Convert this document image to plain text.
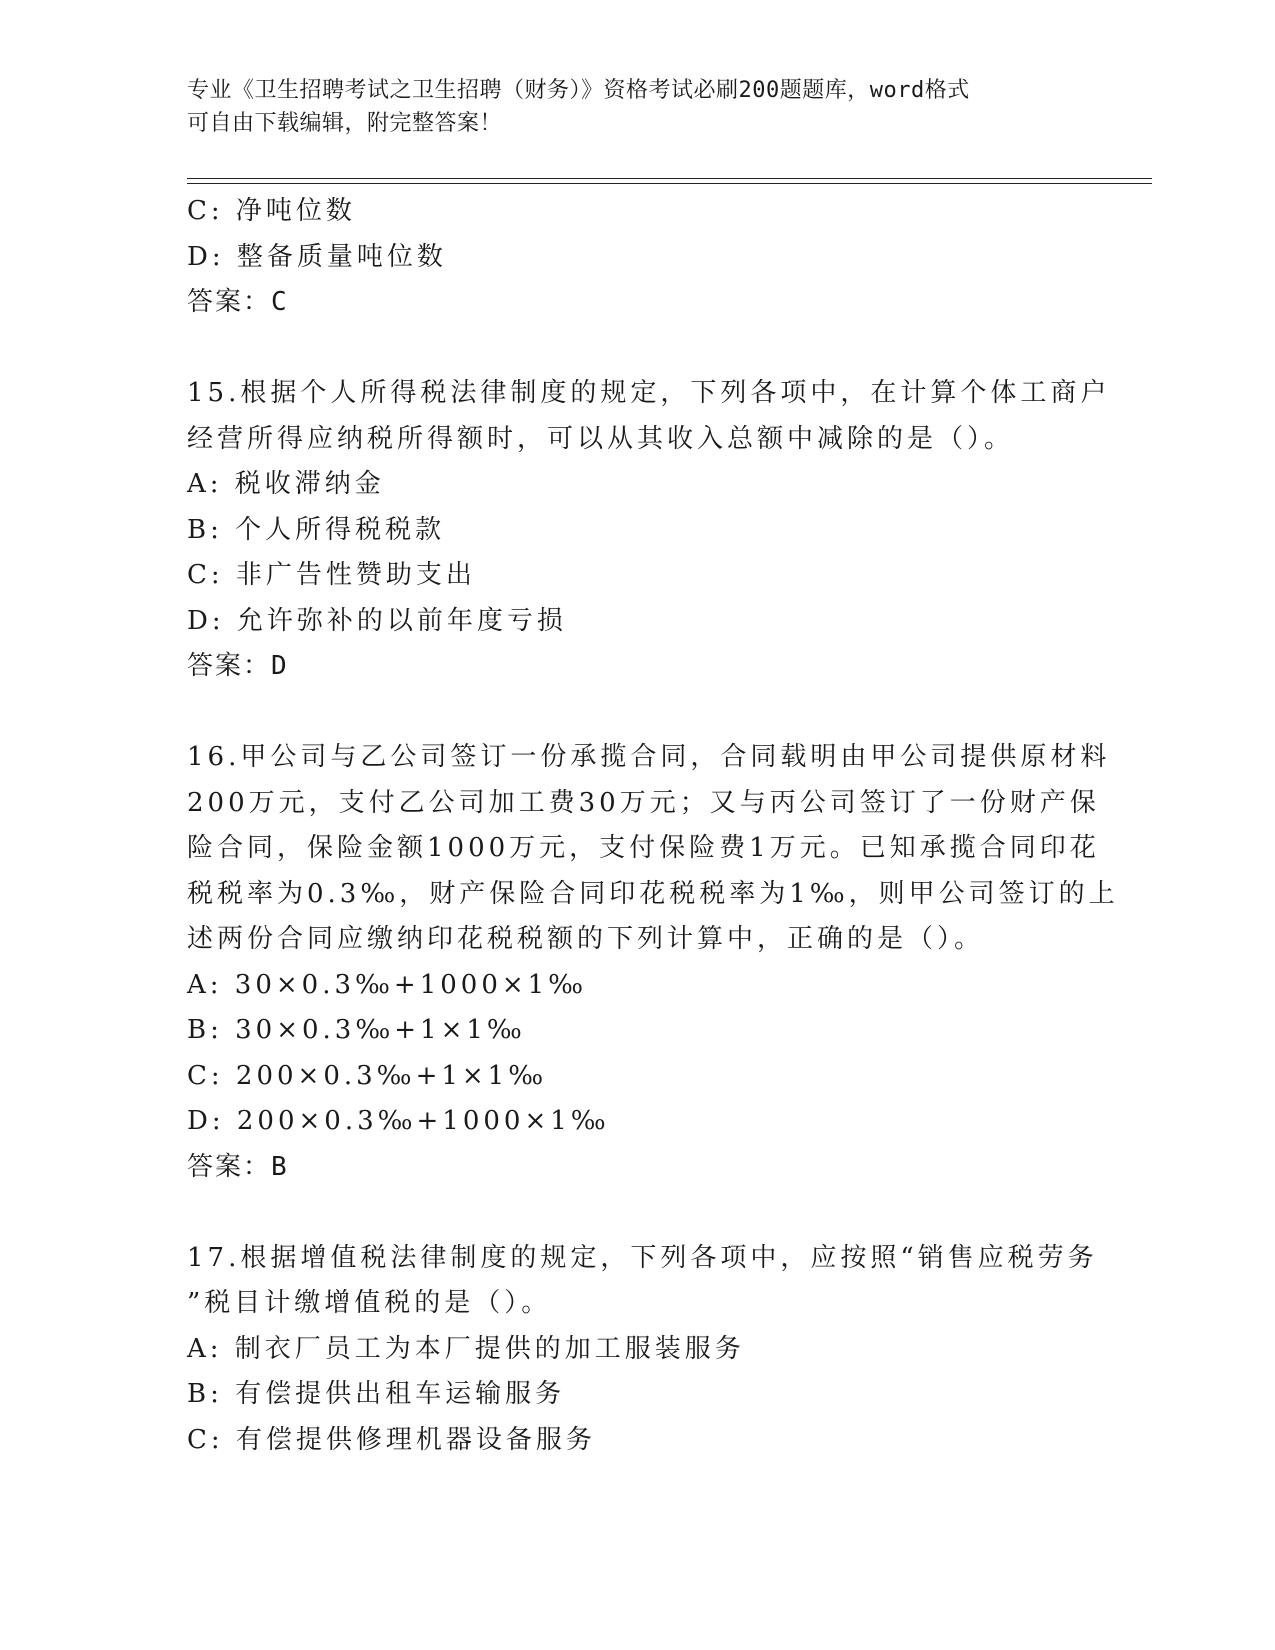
专业《卫生招聘考试之卫生招聘（财务）》资格考试必刷200题题库，word格式
可自由下载编辑，附完整答案！
C: 净吨位数
D: 整备质量吨位数
答案：C
15.根据个人所得税法律制度的规定，下列各项中，在计算个体工商户
经营所得应纳税所得额时，可以从其收入总额中减除的是（）。
A: 税收滞纳金
B: 个人所得税税款
C: 非广告性赞助支出
D: 允许弥补的以前年度亏损
答案：D
16.甲公司与乙公司签订一份承揽合同，合同载明由甲公司提供原材料
200万元，支付乙公司加工费30万元；又与丙公司签订了一份财产保
险合同，保险金额1000万元，支付保险费1万元。已知承揽合同印花
税税率为0.3‰，财产保险合同印花税税率为1‰，则甲公司签订的上
述两份合同应缴纳印花税税额的下列计算中，正确的是（）。
A: 30×0.3‰+1000×1‰
B: 30×0.3‰+1×1‰
C: 200×0.3‰+1×1‰
D: 200×0.3‰+1000×1‰
答案：B
17.根据增值税法律制度的规定，下列各项中，应按照“销售应税劳务
”税目计缴增值税的是（）。
A: 制衣厂员工为本厂提供的加工服装服务
B: 有偿提供出租车运输服务
C: 有偿提供修理机器设备服务
